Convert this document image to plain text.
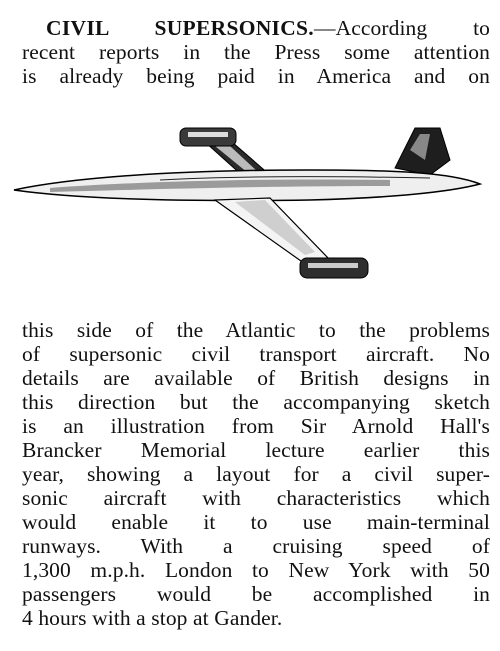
CIVIL SUPERSONICS.—According to
recent reports in the Press some attention
is already being paid in America and on
this side of the Atlantic to the problems
of supersonic civil transport aircraft. No
details are available of British designs in
this direction but the accompanying sketch
is an illustration from Sir Arnold Hall's
Brancker Memorial lecture earlier this
year, showing a layout for a civil super-
sonic aircraft with characteristics which
would enable it to use main-terminal
runways. With a cruising speed of
1,300 m.p.h. London to New York with 50
passengers would be accomplished in
4 hours with a stop at Gander.
